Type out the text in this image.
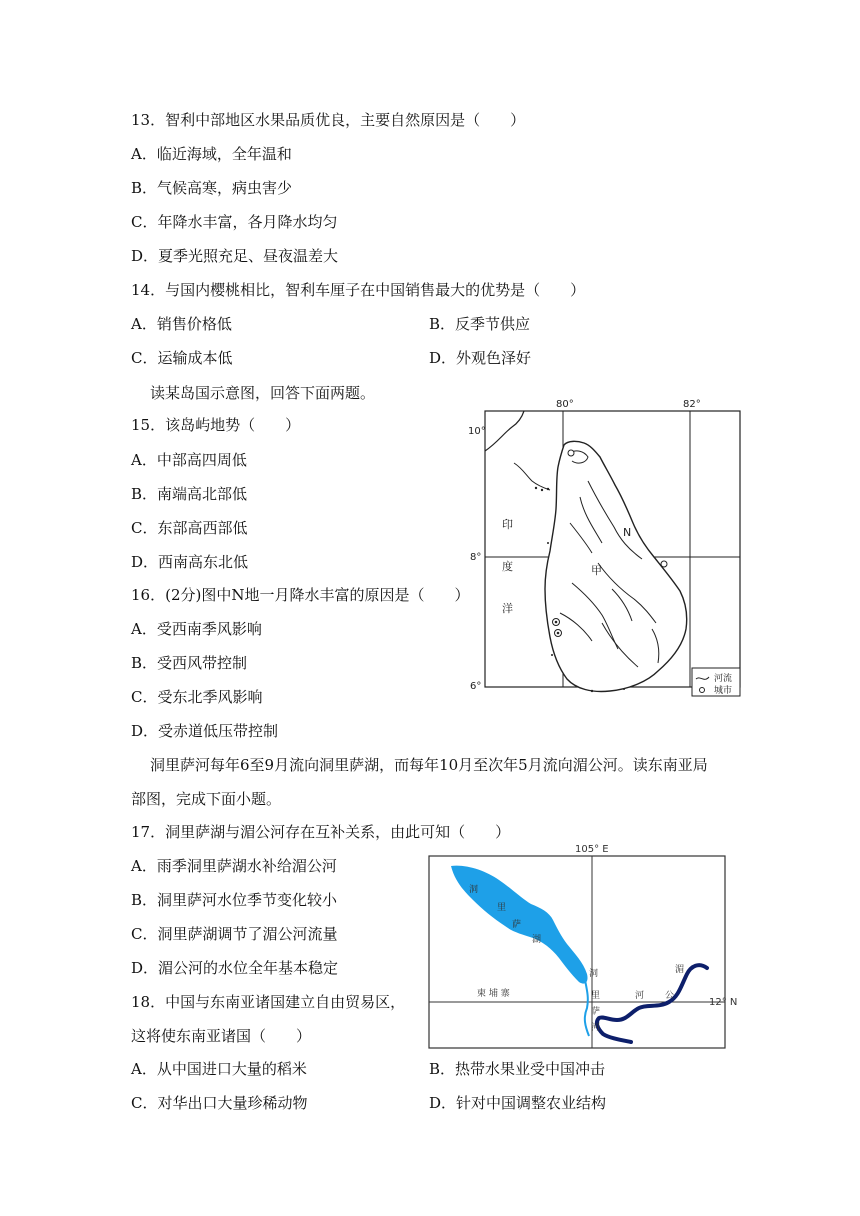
13．智利中部地区水果品质优良，主要自然原因是（　　）
A．临近海域，全年温和
B．气候高寒，病虫害少
C．年降水丰富，各月降水均匀
D．夏季光照充足、昼夜温差大
14．与国内樱桃相比，智利车厘子在中国销售最大的优势是（　　）
A．销售价格低	B．反季节供应
C．运输成本低	D．外观色泽好
读某岛国示意图，回答下面两题。
15．该岛屿地势（　　）
A．中部高四周低
B．南端高北部低
C．东部高西部低
D．西南高东北低
16．(2分)图中N地一月降水丰富的原因是（　　）
A．受西南季风影响
B．受西风带控制
C．受东北季风影响
D．受赤道低压带控制
洞里萨河每年6至9月流向洞里萨湖，而每年10月至次年5月流向湄公河。读东南亚局
部图，完成下面小题。
17．洞里萨湖与湄公河存在互补关系，由此可知（　　）
A．雨季洞里萨湖水补给湄公河
B．洞里萨河水位季节变化较小
C．洞里萨湖调节了湄公河流量
D．湄公河的水位全年基本稳定
18．中国与东南亚诸国建立自由贸易区，
这将使东南亚诸国（　　）
A．从中国进口大量的稻米	B．热带水果业受中国冲击
C．对华出口大量珍稀动物	D．针对中国调整农业结构
80°	82°
10°
8°
6°
N
甲
印
度
洋
河流
城市
105° E
12° N
柬 埔 寨
洞
里
萨
湖
洞
里
萨
河
湄
公
河
